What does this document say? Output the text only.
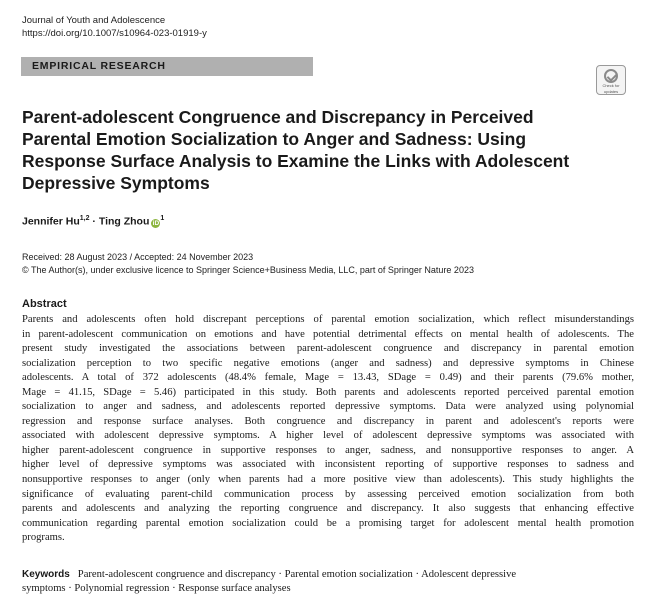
Journal of Youth and Adolescence
https://doi.org/10.1007/s10964-023-01919-y
EMPIRICAL RESEARCH
Check for
updates
Parent-adolescent Congruence and Discrepancy in Perceived
Parental Emotion Socialization to Anger and Sadness: Using
Response Surface Analysis to Examine the Links with Adolescent
Depressive Symptoms
Jennifer Hu$^{1,2}$ · Ting Zhou $iD^1$
Received: 28 August 2023 / Accepted: 24 November 2023
© The Author(s), under exclusive licence to Springer Science+Business Media, LLC, part of Springer Nature 2023
Abstract
Parents and adolescents often hold discrepant perceptions of parental emotion socialization, which reflect misunderstandings
in parent-adolescent communication on emotions and have potential detrimental effects on mental health of adolescents. The
present study investigated the associations between parent-adolescent congruence and discrepancy in parental emotion
socialization perception to two specific negative emotions (anger and sadness) and depressive symptoms in Chinese
adolescents. A total of 372 adolescents (48.4% female, Mage = 13.43, SDage = 0.49) and their parents (79.6% mother,
Mage = 41.15, SDage = 5.46) participated in this study. Both parents and adolescents reported perceived parental emotion
socialization to anger and sadness, and adolescents reported depressive symptoms. Data were analyzed using polynomial
regression and response surface analyses. Both congruence and discrepancy in parent and adolescent's reports were
associated with adolescent depressive symptoms. A higher level of adolescent depressive symptoms was associated with
higher parent-adolescent congruence in supportive responses to anger, sadness, and nonsupportive responses to anger. A
higher level of depressive symptoms was associated with inconsistent reporting of supportive responses to sadness and
nonsupportive responses to anger (only when parents had a more positive view than adolescents). This study highlights the
significance of evaluating parent-child communication process by assessing perceived emotion socialization from both
parents and adolescents and analyzing the reporting congruence and discrepancy. It also suggests that enhancing effective
communication regarding parental emotion socialization could be a promising target for adolescent mental health promotion
programs.
Keywords Parent-adolescent congruence and discrepancy · Parental emotion socialization · Adolescent depressive
symptoms · Polynomial regression · Response surface analyses
